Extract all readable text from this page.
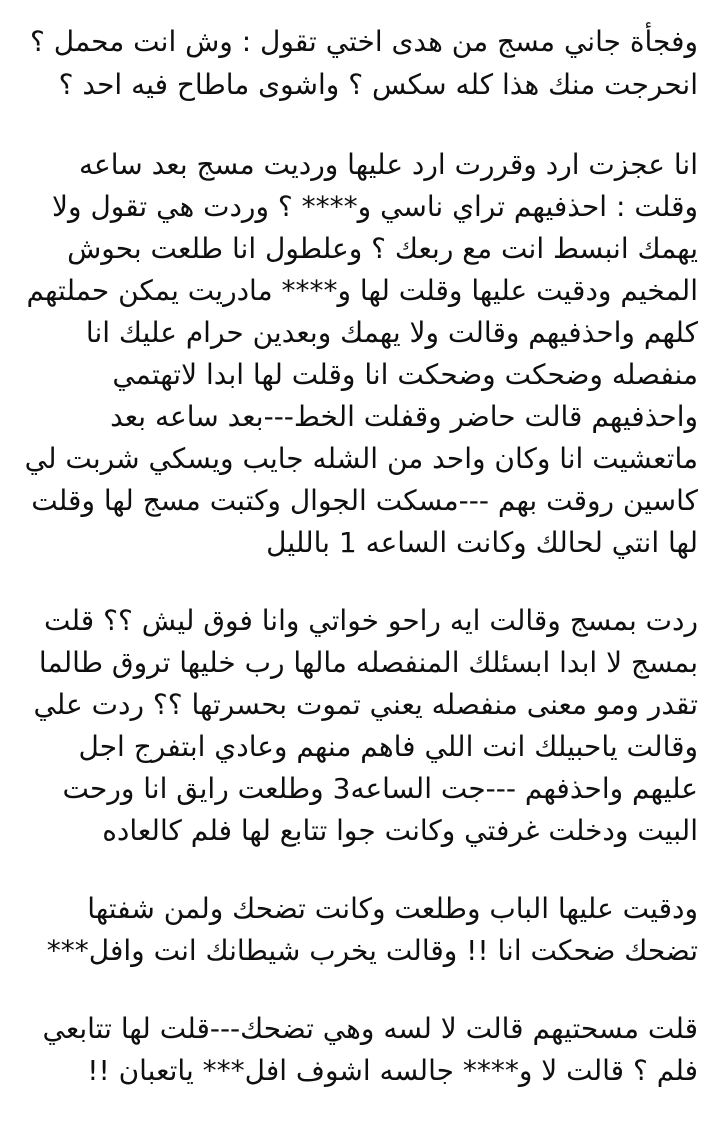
وفجأة جاني مسج من هدى اختي تقول : وش انت محمل ؟
انحرجت منك هذا كله سكس ؟ واشوى ماطاح فيه احد ؟
انا عجزت ارد وقررت ارد عليها ورديت مسج بعد ساعه
وقلت : احذفيهم تراي ناسي و**** ؟ وردت هي تقول ولا
يهمك انبسط انت مع ربعك ؟ وعلطول انا طلعت بحوش
المخيم ودقيت عليها وقلت لها و**** مادريت يمكن حملتهم
كلهم واحذفيهم وقالت ولا يهمك وبعدين حرام عليك انا
منفصله وضحكت وضحكت انا وقلت لها ابدا لاتهتمي
واحذفيهم قالت حاضر وقفلت الخط---بعد ساعه بعد
ماتعشيت انا وكان واحد من الشله جايب ويسكي شربت لي
كاسين روقت بهم ---مسكت الجوال وكتبت مسج لها وقلت
لها انتي لحالك وكانت الساعه 1 بالليل
ردت بمسج وقالت ايه راحو خواتي وانا فوق ليش ؟؟ قلت
بمسج لا ابدا ابسئلك المنفصله مالها رب خليها تروق طالما
تقدر ومو معنى منفصله يعني تموت بحسرتها ؟؟ ردت علي
وقالت ياحبيلك انت اللي فاهم منهم وعادي ابتفرج اجل
عليهم واحذفهم ---جت الساعه3 وطلعت رايق انا ورحت
البيت ودخلت غرفتي وكانت جوا تتابع لها فلم كالعاده
ودقيت عليها الباب وطلعت وكانت تضحك ولمن شفتها
تضحك ضحكت انا !! وقالت يخرب شيطانك انت وافل***
قلت مسحتيهم قالت لا لسه وهي تضحك---قلت لها تتابعي
فلم ؟ قالت لا و**** جالسه اشوف افل*** ياتعبان !!
